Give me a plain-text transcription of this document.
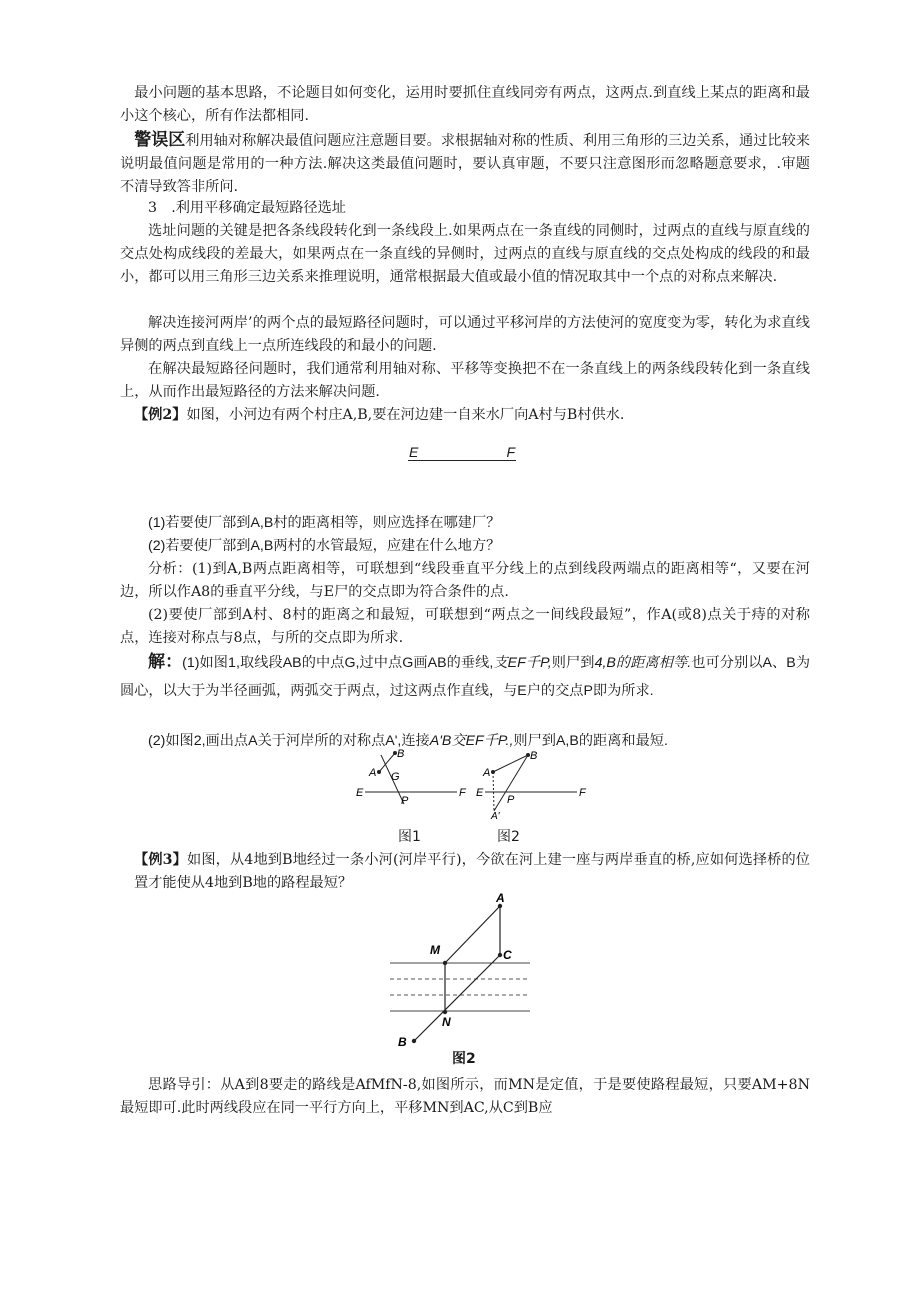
　最小问题的基本思路，不论题目如何变化，运用时要抓住直线同旁有两点，这两点.到直线上某点的距离和最小这个核心，所有作法都相同.

　警误区利用轴对称解决最值问题应注意题目要。求根据轴对称的性质、利用三角形的三边关系，通过比较来说明最值问题是常用的一种方法.解决这类最值问题时，要认真审题，不要只注意图形而忽略题意要求，.审题不清导致答非所问.

3　.利用平移确定最短路径选址

选址问题的关键是把各条线段转化到一条线段上.如果两点在一条直线的同侧时，过两点的直线与原直线的交点处构成线段的差最大，如果两点在一条直线的异侧时，过两点的直线与原直线的交点处构成的线段的和最小，都可以用三角形三边关系来推理说明，通常根据最大值或最小值的情况取其中一个点的对称点来解决.

解决连接河两岸’的两个点的最短路径问题时，可以通过平移河岸的方法使河的宽度变为零，转化为求直线异侧的两点到直线上一点所连线段的和最小的问题.

在解决最短路径问题时，我们通常利用轴对称、平移等变换把不在一条直线上的两条线段转化到一条直线上，从而作出最短路径的方法来解决问题.

【例2】如图，小河边有两个村庄A,B,要在河边建一自来水厂向A村与B村供水.

E	F

(1)若要使厂部到A,B村的距离相等，则应选择在哪建厂？

(2)若要使厂部到A,B两村的水管最短，应建在什么地方？

分析：(1)到A,B两点距离相等，可联想到“线段垂直平分线上的点到线段两端点的距离相等“，又要在河边，所以作A8的垂直平分线，与E尸的交点即为符合条件的点.

(2)要使厂部到A村、8村的距离之和最短，可联想到“两点之一间线段最短”，作A(或8)点关于痔的对称点，连接对称点与8点，与所的交点即为所求.

解：(1)如图1,取线段AB的中点G,过中点G画AB的垂线,支EF千P,则尸到4,B的距离相等.也可分别以A、B为圆心，以大于为半径画弧，两弧交于两点，过这两点作直线，与E户的交点P即为所求.

(2)如图2,画出点A关于河岸所的对称点A',连接A'B交EF千P.,则尸到A,B的距离和最短.

A
B
G
P
E	F
A
B
P
A'
E	F
图1	图2

【例3】如图，从4地到B地经过一条小河(河岸平行)，今欲在河上建一座与两岸垂直的桥,应如何选择桥的位置才能使从4地到B地的路程最短？

A
M	C
N
B
图2

思路导引：从A到8要走的路线是AfMfN-8,如图所示，而MN是定值，于是要使路程最短，只要AM+8N最短即可.此时两线段应在同一平行方向上，平移MN到AC,从C到B应
